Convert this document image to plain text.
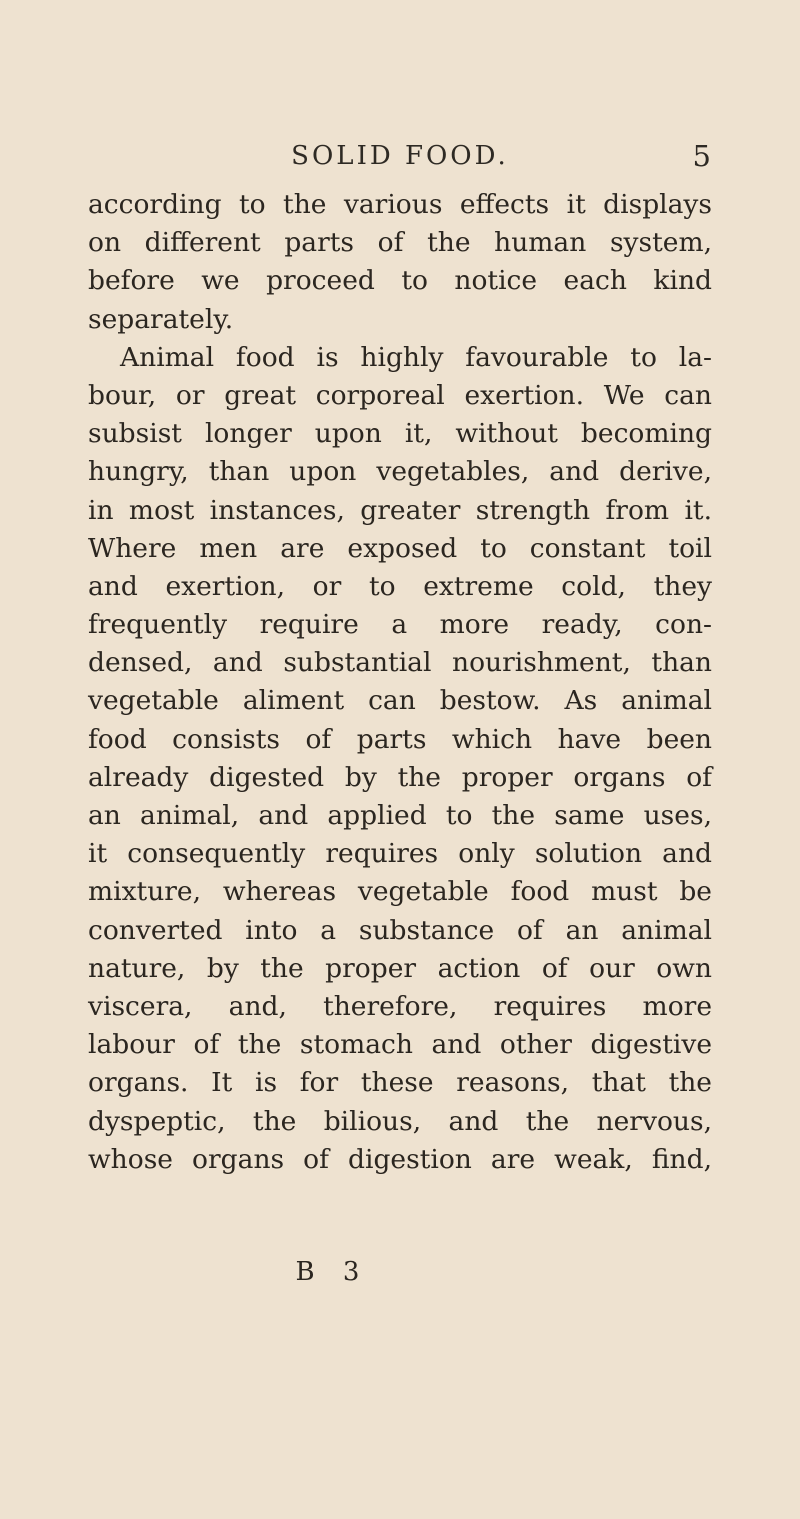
SOLID FOOD.	5
according to the various effects it displays
on different parts of the human system,
before we proceed to notice each kind
separately.
Animal food is highly favourable to la-
bour, or great corporeal exertion. We can
subsist longer upon it, without becoming
hungry, than upon vegetables, and derive,
in most instances, greater strength from it.
Where men are exposed to constant toil
and exertion, or to extreme cold, they
frequently require a more ready, con-
densed, and substantial nourishment, than
vegetable aliment can bestow. As animal
food consists of parts which have been
already digested by the proper organs of
an animal, and applied to the same uses,
it consequently requires only solution and
mixture, whereas vegetable food must be
converted into a substance of an animal
nature, by the proper action of our own
viscera, and, therefore, requires more
labour of the stomach and other digestive
organs. It is for these reasons, that the
dyspeptic, the bilious, and the nervous,
whose organs of digestion are weak, find,
B 3
